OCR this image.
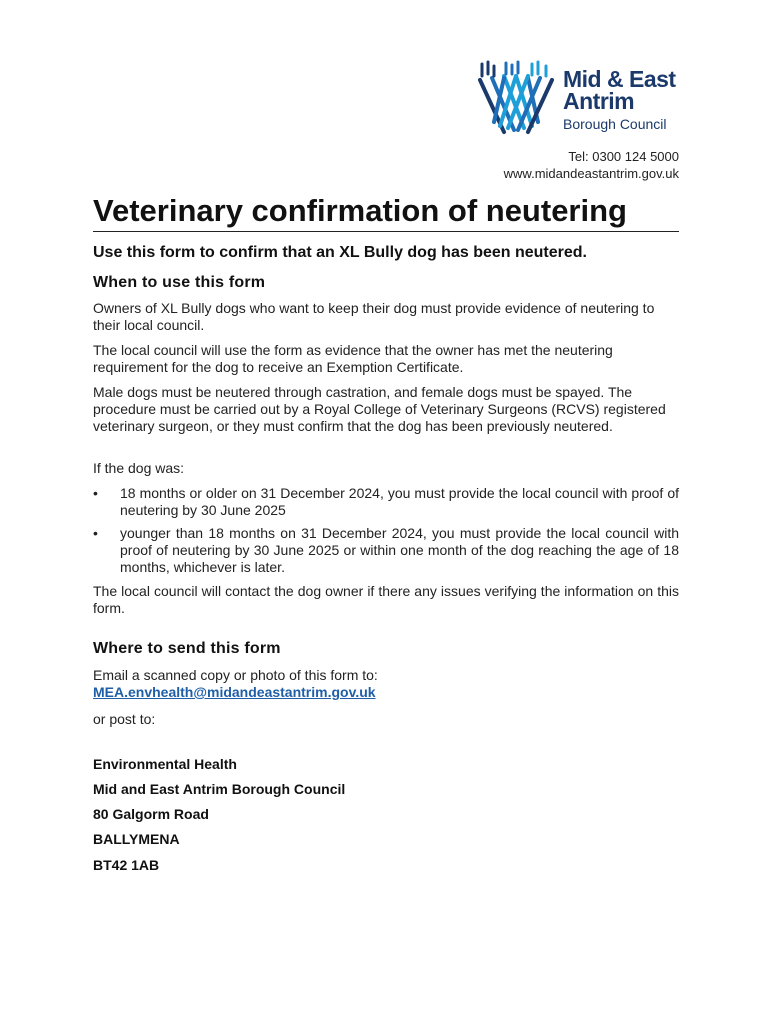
Mid & East
Antrim
Borough Council
Tel: 0300 124 5000
www.midandeastantrim.gov.uk
Veterinary confirmation of neutering

Use this form to confirm that an XL Bully dog has been neutered.

When to use this form

Owners of XL Bully dogs who want to keep their dog must provide evidence of neutering to their local council.

The local council will use the form as evidence that the owner has met the neutering requirement for the dog to receive an Exemption Certificate.

Male dogs must be neutered through castration, and female dogs must be spayed. The procedure must be carried out by a Royal College of Veterinary Surgeons (RCVS) registered veterinary surgeon, or they must confirm that the dog has been previously neutered.

If the dog was:

•	18 months or older on 31 December 2024, you must provide the local council with proof of neutering by 30 June 2025
•	younger than 18 months on 31 December 2024, you must provide the local council with proof of neutering by 30 June 2025 or within one month of the dog reaching the age of 18 months, whichever is later.

The local council will contact the dog owner if there any issues verifying the information on this form.

Where to send this form

Email a scanned copy or photo of this form to:

MEA.envhealth@midandeastantrim.gov.uk

or post to:

Environmental Health

Mid and East Antrim Borough Council

80 Galgorm Road

BALLYMENA

BT42 1AB
